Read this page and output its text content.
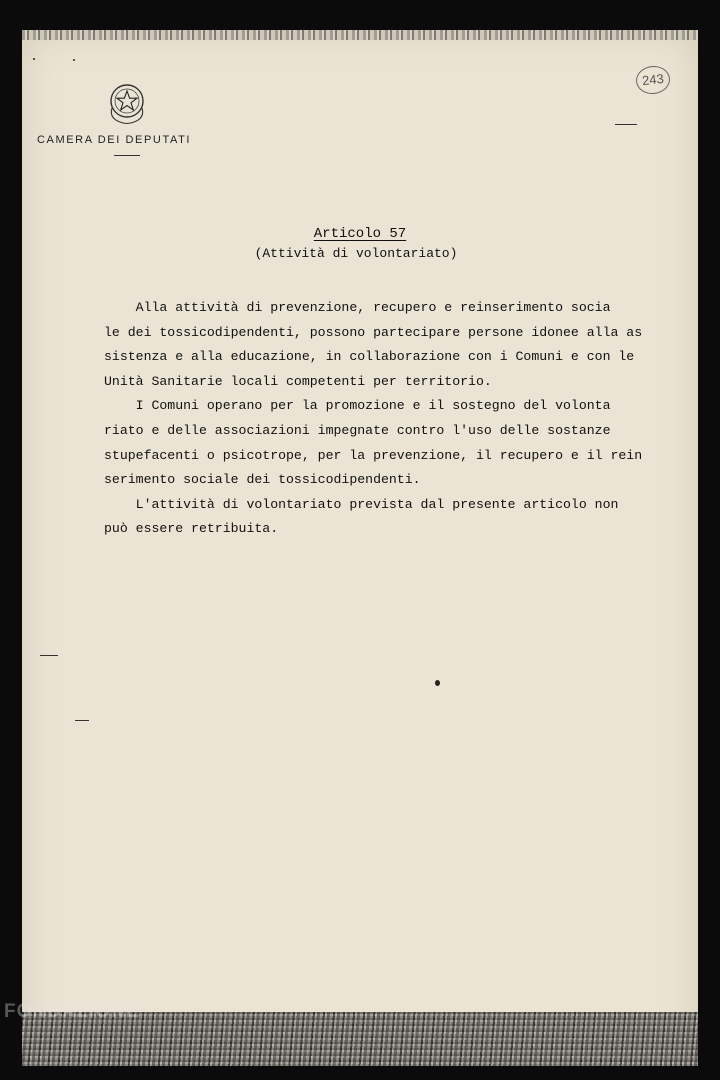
CAMERA DEI DEPUTATI
243
Articolo 57
(Attività di volontariato)
Alla attività di prevenzione, recupero e reinserimento socia
le dei tossicodipendenti, possono partecipare persone idonee alla as
sistenza e alla educazione, in collaborazione con i Comuni e con le
Unità Sanitarie locali competenti per territorio.
I Comuni operano per la promozione e il sostegno del volonta
riato e delle associazioni impegnate contro l'uso delle sostanze
stupefacenti o psicotrope, per la prevenzione, il recupero e il rein
serimento sociale dei tossicodipendenti.
L'attività di volontariato prevista dal presente articolo non
può essere retribuita.
FONDAZIONE
